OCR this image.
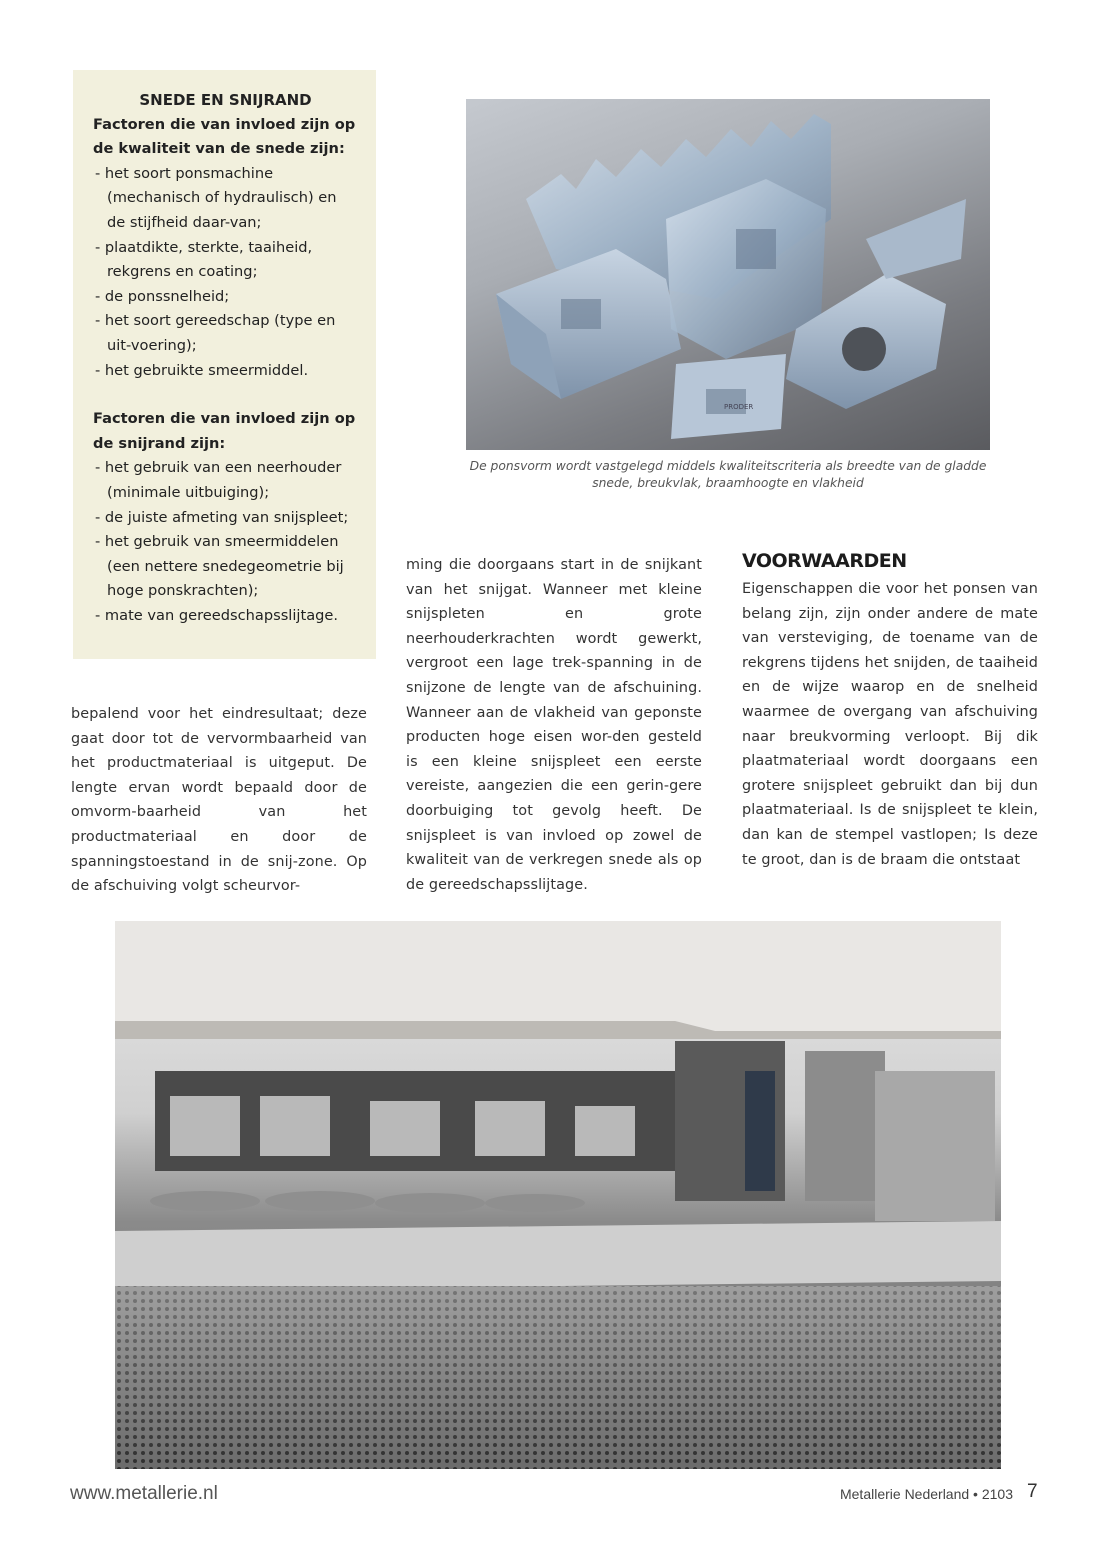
SNEDE EN SNIJRAND

Factoren die van invloed zijn op de kwaliteit van de snede zijn:

- het soort ponsmachine (mechanisch of hydraulisch) en de stijfheid daar-van;
- plaatdikte, sterkte, taaiheid, rekgrens en coating;
- de ponssnelheid;
- het soort gereedschap (type en uit-voering);
- het gebruikte smeermiddel.

Factoren die van invloed zijn op de snijrand zijn:

- het gebruik van een neerhouder (minimale uitbuiging);
- de juiste afmeting van snijspleet;
- het gebruik van smeermiddelen (een nettere snedegeometrie bij hoge ponskrachten);
- mate van gereedschapsslijtage.
PRODER
De ponsvorm wordt vastgelegd middels kwaliteitscriteria als breedte van de gladde snede, breukvlak, braamhoogte en vlakheid

bepalend voor het eindresultaat; deze gaat door tot de vervormbaarheid van het productmateriaal is uitgeput. De lengte ervan wordt bepaald door de omvorm-baarheid van het productmateriaal en door de spanningstoestand in de snij-zone. Op de afschuiving volgt scheurvor-

ming die doorgaans start in de snijkant van het snijgat. Wanneer met kleine snijspleten en grote neerhouderkrachten wordt gewerkt, vergroot een lage trek-spanning in de snijzone de lengte van de afschuining. Wanneer aan de vlakheid van geponste producten hoge eisen wor-den gesteld is een kleine snijspleet een eerste vereiste, aangezien die een gerin-gere doorbuiging tot gevolg heeft. De snijspleet is van invloed op zowel de kwaliteit van de verkregen snede als op de gereedschapsslijtage.

VOORWAARDEN

Eigenschappen die voor het ponsen van belang zijn, zijn onder andere de mate van versteviging, de toename van de rekgrens tijdens het snijden, de taaiheid en de wijze waarop en de snelheid waarmee de overgang van afschuiving naar breukvorming verloopt. Bij dik plaatmateriaal wordt doorgaans een grotere snijspleet gebruikt dan bij dun plaatmateriaal. Is de snijspleet te klein, dan kan de stempel vastlopen; Is deze te groot, dan is de braam die ontstaat

www.metallerie.nl	Metallerie Nederland • 2103 7
